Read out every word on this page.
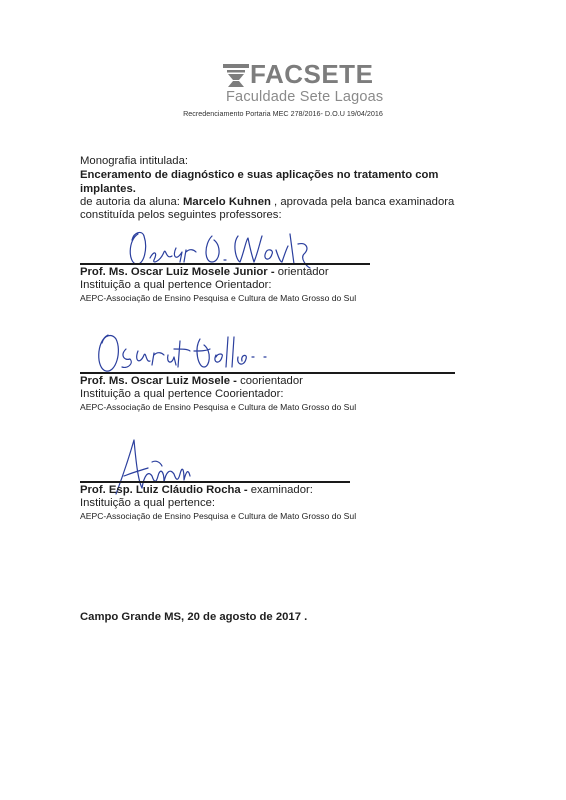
FACSETE
Faculdade Sete Lagoas
Recredenciamento Portaria MEC 278/2016- D.O.U 19/04/2016
Monografia intitulada:
Enceramento de diagnóstico e suas aplicações no tratamento com
implantes.
de autoria da aluna: Marcelo Kuhnen , aprovada pela banca examinadora
constituída pelos seguintes professores:
Prof. Ms. Oscar Luiz Mosele Junior - orientador
Instituição a qual pertence Orientador:
AEPC-Associação de Ensino Pesquisa e Cultura de Mato Grosso do Sul
Prof. Ms. Oscar Luiz Mosele - coorientador
Instituição a qual pertence Coorientador:
AEPC-Associação de Ensino Pesquisa e Cultura de Mato Grosso do Sul
Prof. Esp. Luiz Cláudio Rocha - examinador:
Instituição a qual pertence:
AEPC-Associação de Ensino Pesquisa e Cultura de Mato Grosso do Sul
Campo Grande MS, 20 de agosto de 2017 .
